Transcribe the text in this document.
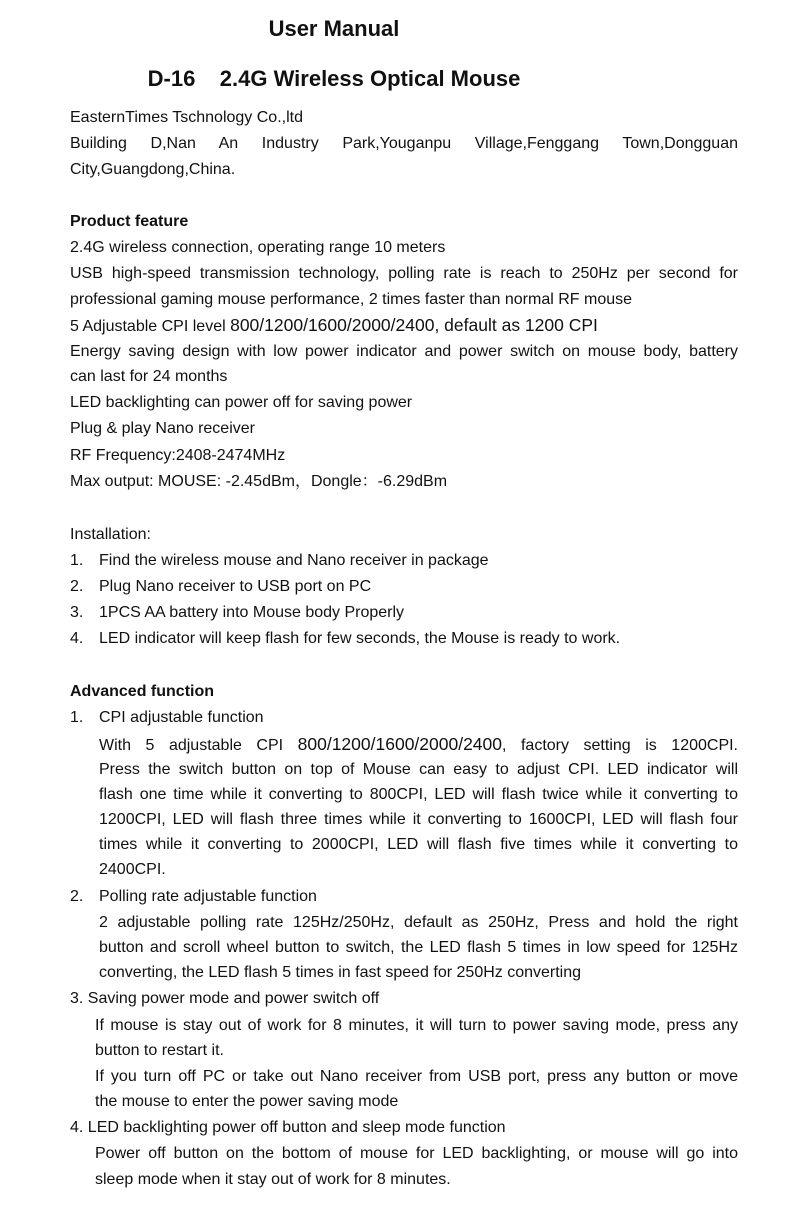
User Manual
D-16    2.4G Wireless Optical Mouse

EasternTimes Tschnology Co.,ltd

Building D,Nan An Industry Park,Youganpu Village,Fenggang Town,Dongguan

City,Guangdong,China.

Product feature

2.4G wireless connection, operating range 10 meters

USB high-speed transmission technology, polling rate is reach to 250Hz per second for

professional gaming mouse performance, 2 times faster than normal RF mouse

5 Adjustable CPI level 800/1200/1600/2000/2400, default as 1200 CPI

Energy saving design with low power indicator and power switch on mouse body, battery

can last for 24 months

LED backlighting can power off for saving power

Plug & play Nano receiver

RF Frequency:2408-2474MHz

Max output: MOUSE: -2.45dBm，Dongle：-6.29dBm

Installation:

1. Find the wireless mouse and Nano receiver in package

2. Plug Nano receiver to USB port on PC

3. 1PCS AA battery into Mouse body Properly

4. LED indicator will keep flash for few seconds, the Mouse is ready to work.

Advanced function

1. CPI adjustable function

With 5 adjustable CPI 800/1200/1600/2000/2400, factory setting is 1200CPI.

Press the switch button on top of Mouse can easy to adjust CPI. LED indicator will

flash one time while it converting to 800CPI, LED will flash twice while it converting to

1200CPI, LED will flash three times while it converting to 1600CPI, LED will flash four

times while it converting to 2000CPI, LED will flash five times while it converting to

2400CPI.

2. Polling rate adjustable function

2 adjustable polling rate 125Hz/250Hz, default as 250Hz, Press and hold the right

button and scroll wheel button to switch, the LED flash 5 times in low speed for 125Hz

converting, the LED flash 5 times in fast speed for 250Hz converting

3. Saving power mode and power switch off

If mouse is stay out of work for 8 minutes, it will turn to power saving mode, press any

button to restart it.

If you turn off PC or take out Nano receiver from USB port, press any button or move

the mouse to enter the power saving mode

4. LED backlighting power off button and sleep mode function

Power off button on the bottom of mouse for LED backlighting, or mouse will go into

sleep mode when it stay out of work for 8 minutes.
